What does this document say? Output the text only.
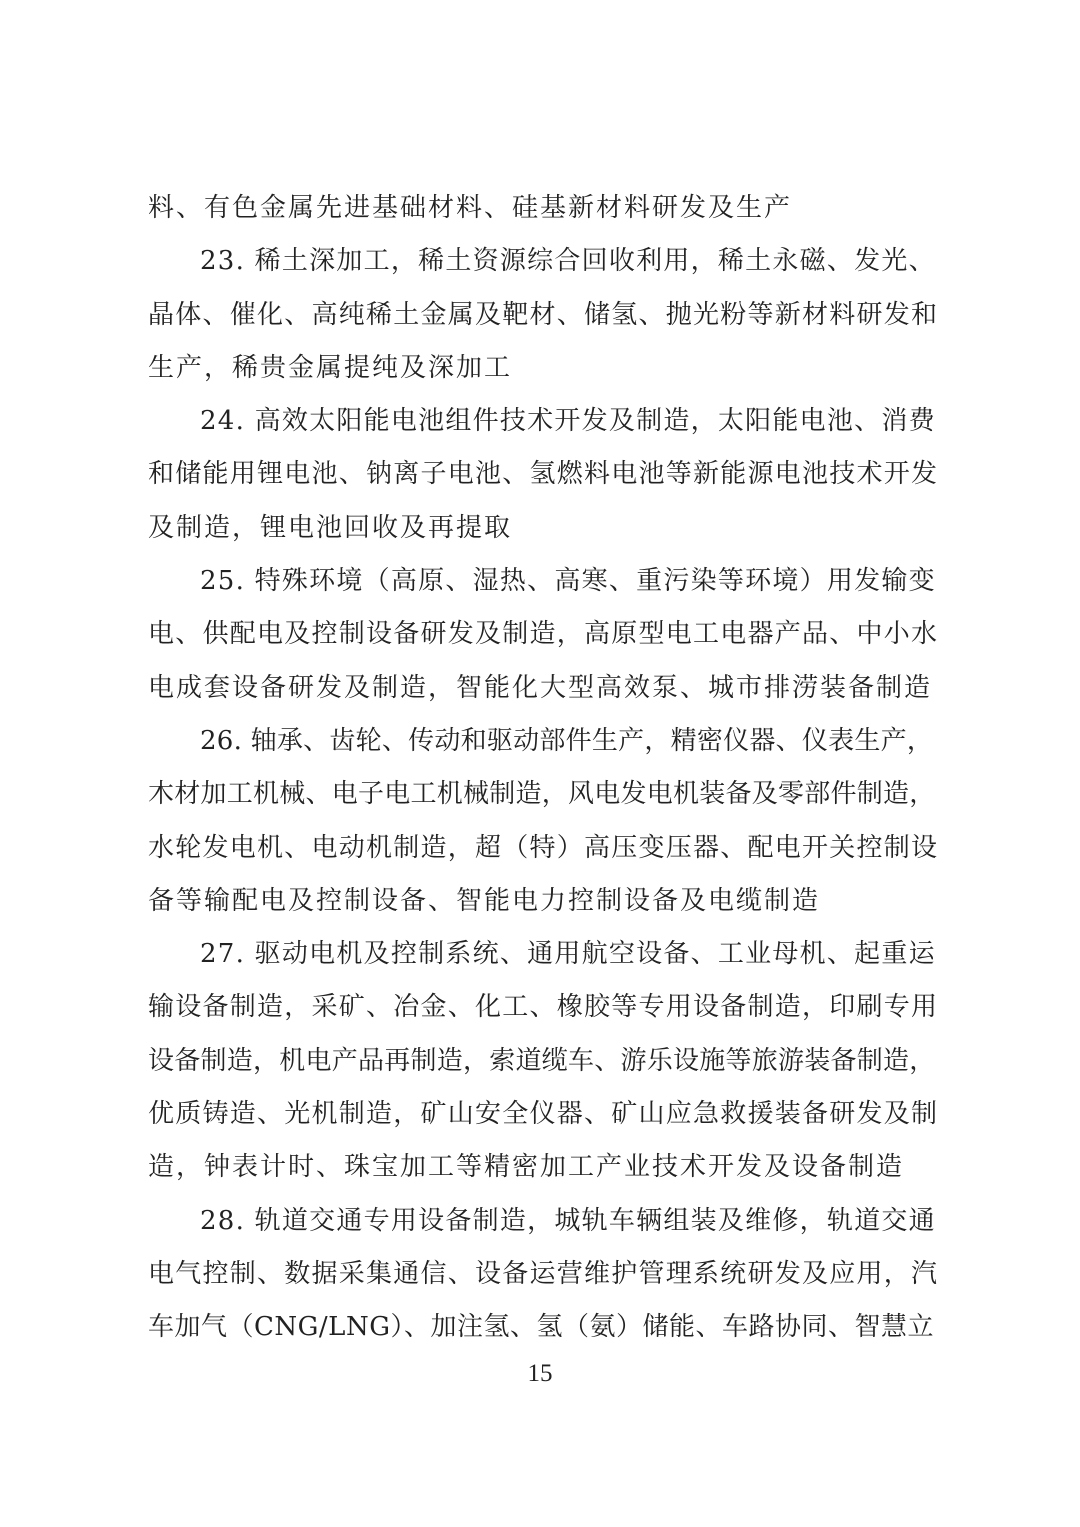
料、有色金属先进基础材料、硅基新材料研发及生产
23. 稀土深加工，稀土资源综合回收利用，稀土永磁、发光、
晶体、催化、高纯稀土金属及靶材、储氢、抛光粉等新材料研发和
生产，稀贵金属提纯及深加工
24. 高效太阳能电池组件技术开发及制造，太阳能电池、消费
和储能用锂电池、钠离子电池、氢燃料电池等新能源电池技术开发
及制造，锂电池回收及再提取
25. 特殊环境（高原、湿热、高寒、重污染等环境）用发输变
电、供配电及控制设备研发及制造，高原型电工电器产品、中小水
电成套设备研发及制造，智能化大型高效泵、城市排涝装备制造
26. 轴承、齿轮、传动和驱动部件生产，精密仪器、仪表生产，
木材加工机械、电子电工机械制造，风电发电机装备及零部件制造，
水轮发电机、电动机制造，超（特）高压变压器、配电开关控制设
备等输配电及控制设备、智能电力控制设备及电缆制造
27. 驱动电机及控制系统、通用航空设备、工业母机、起重运
输设备制造，采矿、冶金、化工、橡胶等专用设备制造，印刷专用
设备制造，机电产品再制造，索道缆车、游乐设施等旅游装备制造，
优质铸造、光机制造，矿山安全仪器、矿山应急救援装备研发及制
造，钟表计时、珠宝加工等精密加工产业技术开发及设备制造
28. 轨道交通专用设备制造，城轨车辆组装及维修，轨道交通
电气控制、数据采集通信、设备运营维护管理系统研发及应用，汽
车加气（CNG/LNG）、加注氢、氢（氨）储能、车路协同、智慧立
15
